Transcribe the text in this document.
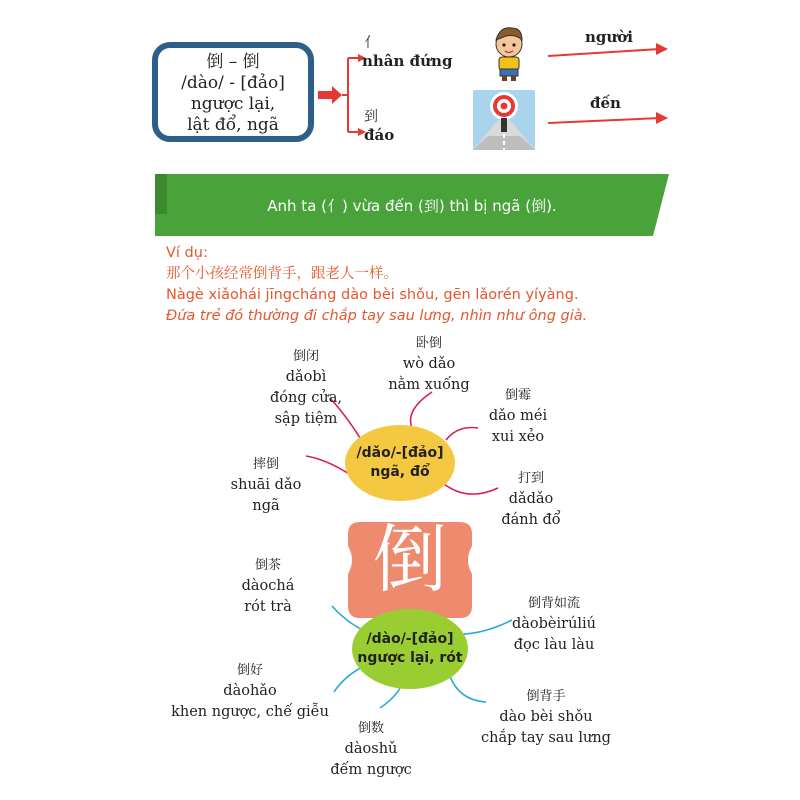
倒 – 倒
/dào/ - [đảo]
ngược lại,
lật đổ, ngã
亻
nhân đứng
到
đáo
người
đến
Anh ta (亻) vừa đến (到) thì bị ngã (倒).
Ví dụ:
那个小孩经常倒背手，跟老人一样。
Nàgè xiǎohái jīngcháng dào bèi shǒu, gēn lǎorén yíyàng.
Đứa trẻ đó thường đi chắp tay sau lưng, nhìn như ông già.
倒
/dǎo/-[đảo]
ngã, đổ
/dào/-[đảo]
ngược lại, rót
倒闭
dǎobì
đóng cửa,
sập tiệm
卧倒
wò dǎo
nằm xuống
倒霉
dǎo méi
xui xẻo
摔倒
shuāi dǎo
ngã
打到
dǎdǎo
đánh đổ
倒茶
dàochá
rót trà	倒背如流
dàobèirúliú
đọc làu làu
倒好
dàohǎo
khen ngược, chế giễu
倒背手
dào bèi shǒu
chắp tay sau lưng
倒数
dàoshǔ
đếm ngược
